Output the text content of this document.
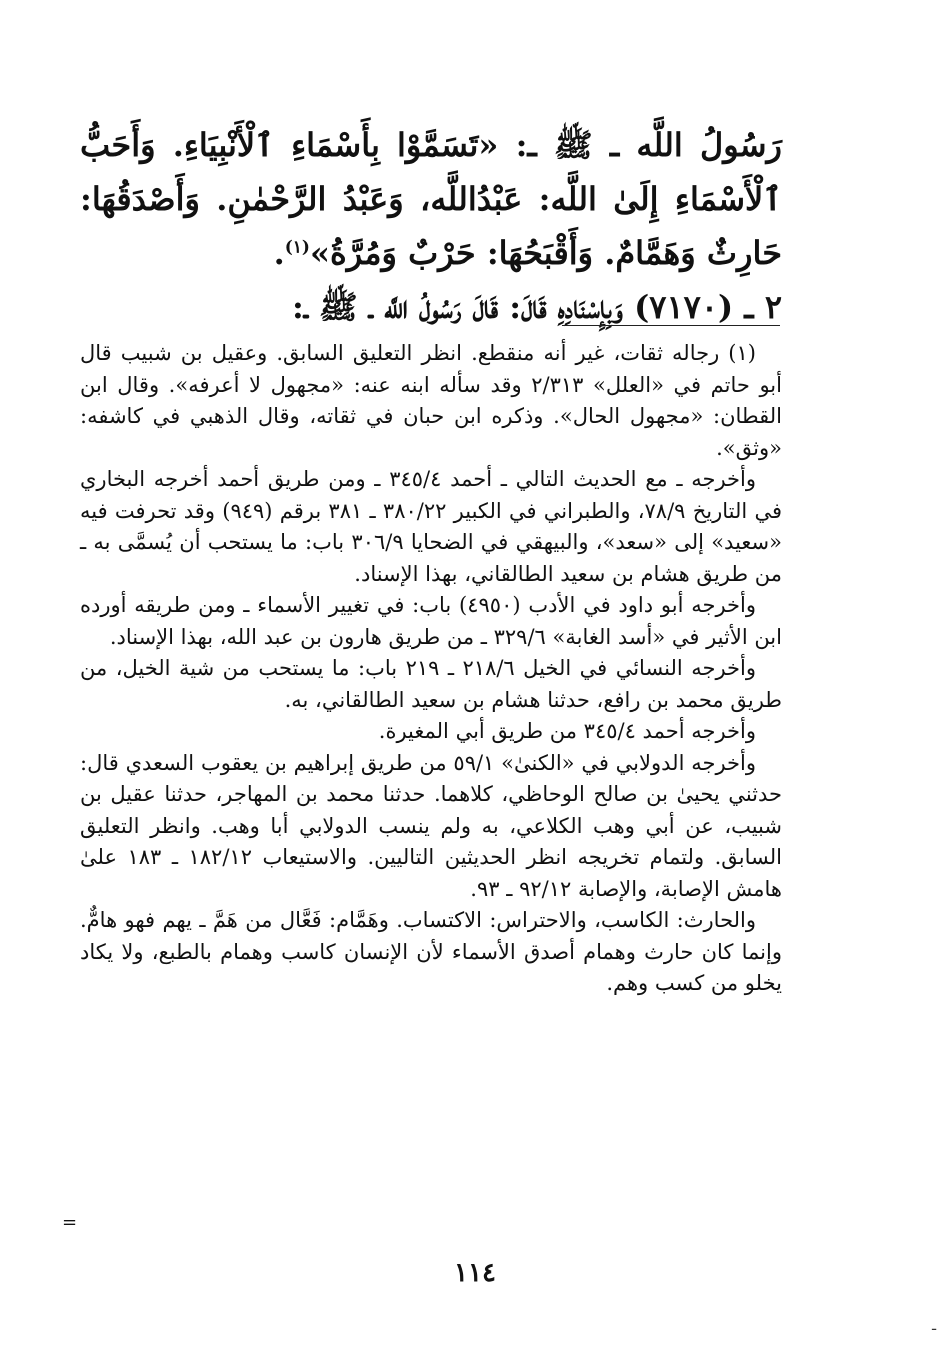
رَسُولُ اللَّه ـ ﷺ ـ: «تَسَمَّوْا بِأَسْمَاءِ ٱلْأَنْبِيَاءِ. وَأَحَبُّ ٱلْأَسْمَاءِ إِلَىٰ اللَّه: عَبْدُاللَّه، وَعَبْدُ الرَّحْمٰنِ. وَأَصْدَقُهَا: حَارِثٌ وَهَمَّامٌ. وَأَقْبَحُهَا: حَرْبٌ وَمُرَّةُ»$^{(١)}$.

٢ ـ (٧١٧٠) وَبِإِسْنَادِهِ قَالَ: قَالَ رَسُولُ اللَّه ـ ﷺ ـ:

(١) رجاله ثقات، غير أنه منقطع. انظر التعليق السابق. وعقيل بن شبيب قال أبو حاتم في «العلل» ٢/٣١٣ وقد سأله ابنه عنه: «مجهول لا أعرفه». وقال ابن القطان: «مجهول الحال». وذكره ابن حبان في ثقاته، وقال الذهبي في كاشفه: «وثق».

وأخرجه ـ مع الحديث التالي ـ أحمد ٣٤٥/٤ ـ ومن طريق أحمد أخرجه البخاري في التاريخ ٧٨/٩، والطبراني في الكبير ٣٨٠/٢٢ ـ ٣٨١ برقم (٩٤٩) وقد تحرفت فيه «سعيد» إلى «سعد»، والبيهقي في الضحايا ٣٠٦/٩ باب: ما يستحب أن يُسمَّى به ـ من طريق هشام بن سعيد الطالقاني، بهذا الإسناد.

وأخرجه أبو داود في الأدب (٤٩٥٠) باب: في تغيير الأسماء ـ ومن طريقه أورده ابن الأثير في «أسد الغابة» ٣٢٩/٦ ـ من طريق هارون بن عبد الله، بهذا الإسناد.

وأخرجه النسائي في الخيل ٢١٨/٦ ـ ٢١٩ باب: ما يستحب من شية الخيل، من طريق محمد بن رافع، حدثنا هشام بن سعيد الطالقاني، به.

وأخرجه أحمد ٣٤٥/٤ من طريق أبي المغيرة.

وأخرجه الدولابي في «الكنىٰ» ٥٩/١ من طريق إبراهيم بن يعقوب السعدي قال: حدثني يحيىٰ بن صالح الوحاظي، كلاهما. حدثنا محمد بن المهاجر، حدثنا عقيل بن شبيب، عن أبي وهب الكلاعي، به ولم ينسب الدولابي أبا وهب. وانظر التعليق السابق. ولتمام تخريجه انظر الحديثين التاليين. والاستيعاب ١٨٢/١٢ ـ ١٨٣ علىٰ هامش الإصابة، والإصابة ٩٢/١٢ ـ ٩٣.

والحارث: الكاسب، والاحتراس: الاكتساب. وهَمَّام: فَعَّال من هَمَّ ـ يهم فهو هامٌّ. وإنما كان حارث وهمام أصدق الأسماء لأن الإنسان كاسب وهمام بالطبع، ولا يكاد يخلو من كسب وهم.

=
١١٤
ـ
